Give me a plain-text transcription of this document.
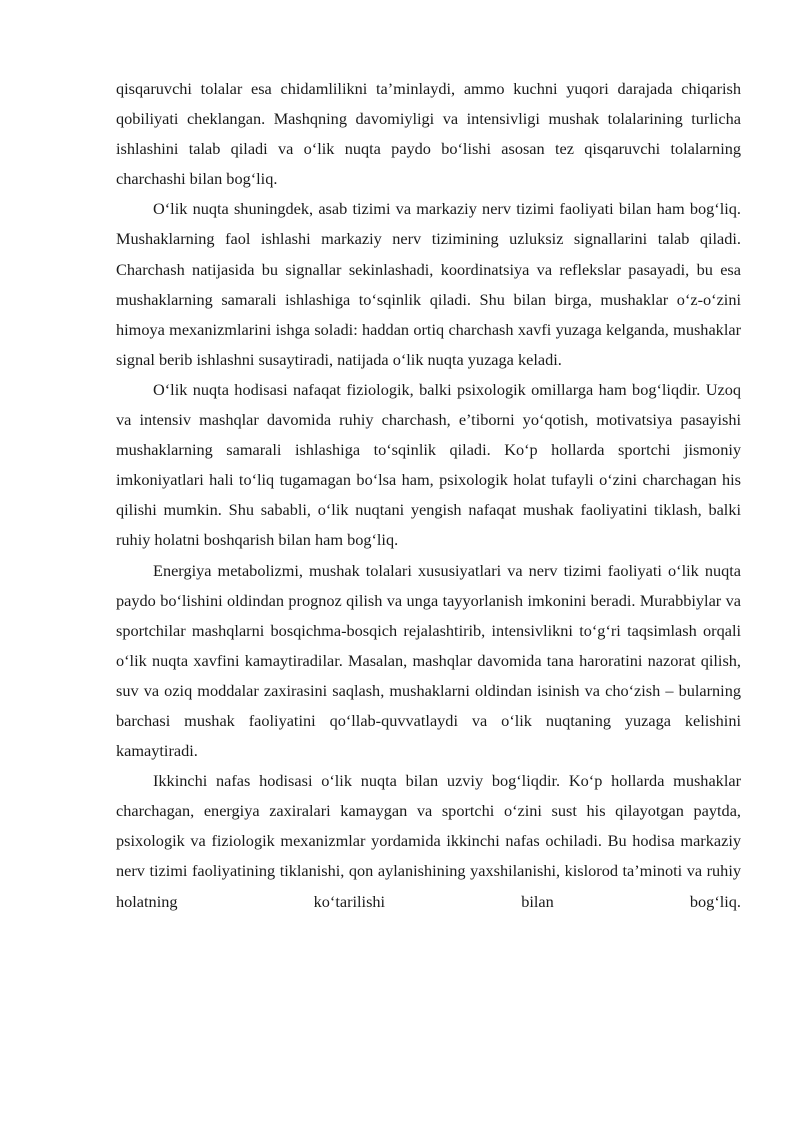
qisqaruvchi tolalar esa chidamlilikni ta’minlaydi, ammo kuchni yuqori darajada chiqarish qobiliyati cheklangan. Mashqning davomiyligi va intensivligi mushak tolalarining turlicha ishlashini talab qiladi va o‘lik nuqta paydo bo‘lishi asosan tez qisqaruvchi tolalarning charchashi bilan bog‘liq.

O‘lik nuqta shuningdek, asab tizimi va markaziy nerv tizimi faoliyati bilan ham bog‘liq. Mushaklarning faol ishlashi markaziy nerv tizimining uzluksiz signallarini talab qiladi. Charchash natijasida bu signallar sekinlashadi, koordinatsiya va reflekslar pasayadi, bu esa mushaklarning samarali ishlashiga to‘sqinlik qiladi. Shu bilan birga, mushaklar o‘z-o‘zini himoya mexanizmlarini ishga soladi: haddan ortiq charchash xavfi yuzaga kelganda, mushaklar signal berib ishlashni susaytiradi, natijada o‘lik nuqta yuzaga keladi.

O‘lik nuqta hodisasi nafaqat fiziologik, balki psixologik omillarga ham bog‘liqdir. Uzoq va intensiv mashqlar davomida ruhiy charchash, e’tiborni yo‘qotish, motivatsiya pasayishi mushaklarning samarali ishlashiga to‘sqinlik qiladi. Ko‘p hollarda sportchi jismoniy imkoniyatlari hali to‘liq tugamagan bo‘lsa ham, psixologik holat tufayli o‘zini charchagan his qilishi mumkin. Shu sababli, o‘lik nuqtani yengish nafaqat mushak faoliyatini tiklash, balki ruhiy holatni boshqarish bilan ham bog‘liq.

Energiya metabolizmi, mushak tolalari xususiyatlari va nerv tizimi faoliyati o‘lik nuqta paydo bo‘lishini oldindan prognoz qilish va unga tayyorlanish imkonini beradi. Murabbiylar va sportchilar mashqlarni bosqichma-bosqich rejalashtirib, intensivlikni to‘g‘ri taqsimlash orqali o‘lik nuqta xavfini kamaytiradilar. Masalan, mashqlar davomida tana haroratini nazorat qilish, suv va oziq moddalar zaxirasini saqlash, mushaklarni oldindan isinish va cho‘zish – bularning barchasi mushak faoliyatini qo‘llab-quvvatlaydi va o‘lik nuqtaning yuzaga kelishini kamaytiradi.

Ikkinchi nafas hodisasi o‘lik nuqta bilan uzviy bog‘liqdir. Ko‘p hollarda mushaklar charchagan, energiya zaxiralari kamaygan va sportchi o‘zini sust his qilayotgan paytda, psixologik va fiziologik mexanizmlar yordamida ikkinchi nafas ochiladi. Bu hodisa markaziy nerv tizimi faoliyatining tiklanishi, qon aylanishining yaxshilanishi, kislorod ta’minoti va ruhiy holatning ko‘tarilishi bilan bog‘liq.
